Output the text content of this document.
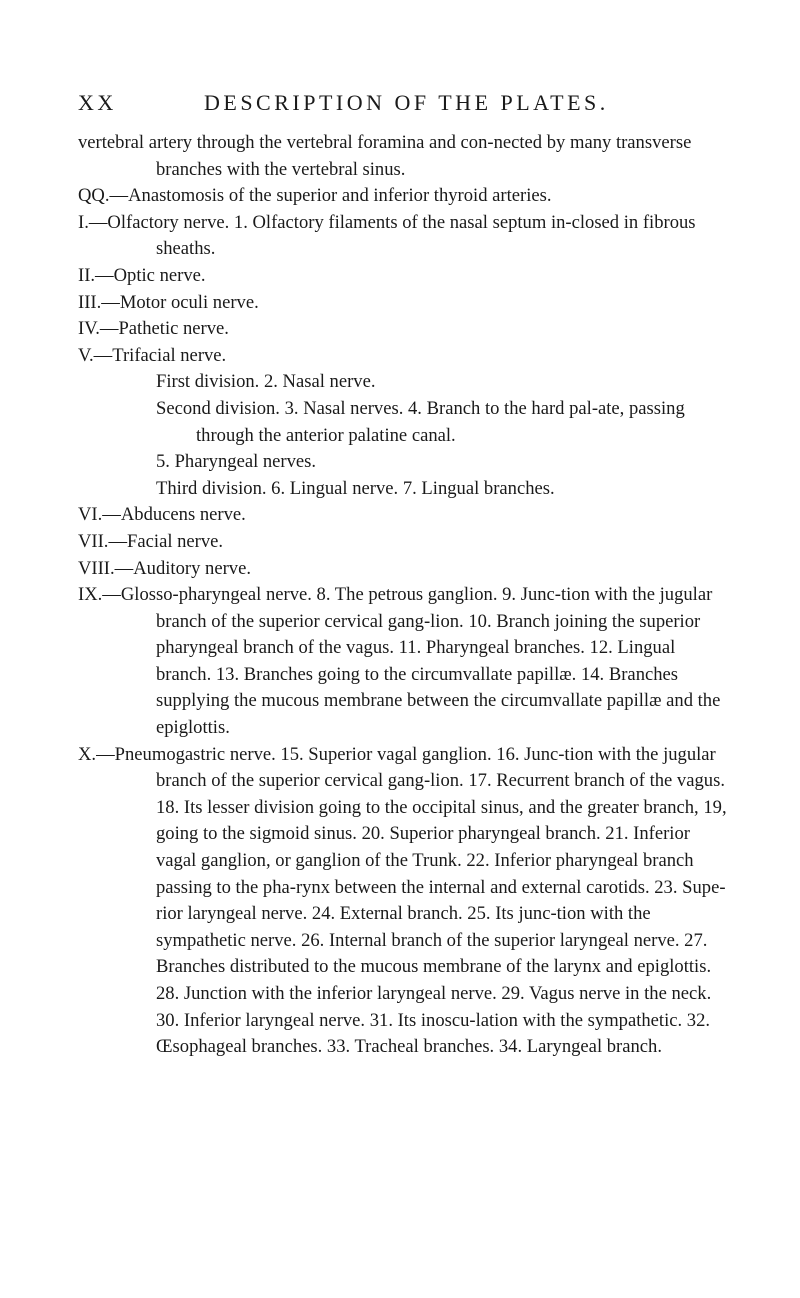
XX	DESCRIPTION OF THE PLATES.
vertebral artery through the vertebral foramina and con-nected by many transverse branches with the vertebral sinus.
QQ.—Anastomosis of the superior and inferior thyroid arteries.
I.—Olfactory nerve. 1. Olfactory filaments of the nasal septum in-closed in fibrous sheaths.
II.—Optic nerve.
III.—Motor oculi nerve.
IV.—Pathetic nerve.
V.—Trifacial nerve.
First division. 2. Nasal nerve.
Second division. 3. Nasal nerves. 4. Branch to the hard pal-ate, passing through the anterior palatine canal.
5. Pharyngeal nerves.
Third division. 6. Lingual nerve. 7. Lingual branches.
VI.—Abducens nerve.
VII.—Facial nerve.
VIII.—Auditory nerve.
IX.—Glosso-pharyngeal nerve. 8. The petrous ganglion. 9. Junc-tion with the jugular branch of the superior cervical gang-lion. 10. Branch joining the superior pharyngeal branch of the vagus. 11. Pharyngeal branches. 12. Lingual branch. 13. Branches going to the circumvallate papillæ. 14. Branches supplying the mucous membrane between the circumvallate papillæ and the epiglottis.
X.—Pneumogastric nerve. 15. Superior vagal ganglion. 16. Junc-tion with the jugular branch of the superior cervical gang-lion. 17. Recurrent branch of the vagus. 18. Its lesser division going to the occipital sinus, and the greater branch, 19, going to the sigmoid sinus. 20. Superior pharyngeal branch. 21. Inferior vagal ganglion, or ganglion of the Trunk. 22. Inferior pharyngeal branch passing to the pha-rynx between the internal and external carotids. 23. Supe-rior laryngeal nerve. 24. External branch. 25. Its junc-tion with the sympathetic nerve. 26. Internal branch of the superior laryngeal nerve. 27. Branches distributed to the mucous membrane of the larynx and epiglottis. 28. Junction with the inferior laryngeal nerve. 29. Vagus nerve in the neck. 30. Inferior laryngeal nerve. 31. Its inoscu-lation with the sympathetic. 32. Œsophageal branches. 33. Tracheal branches. 34. Laryngeal branch.
